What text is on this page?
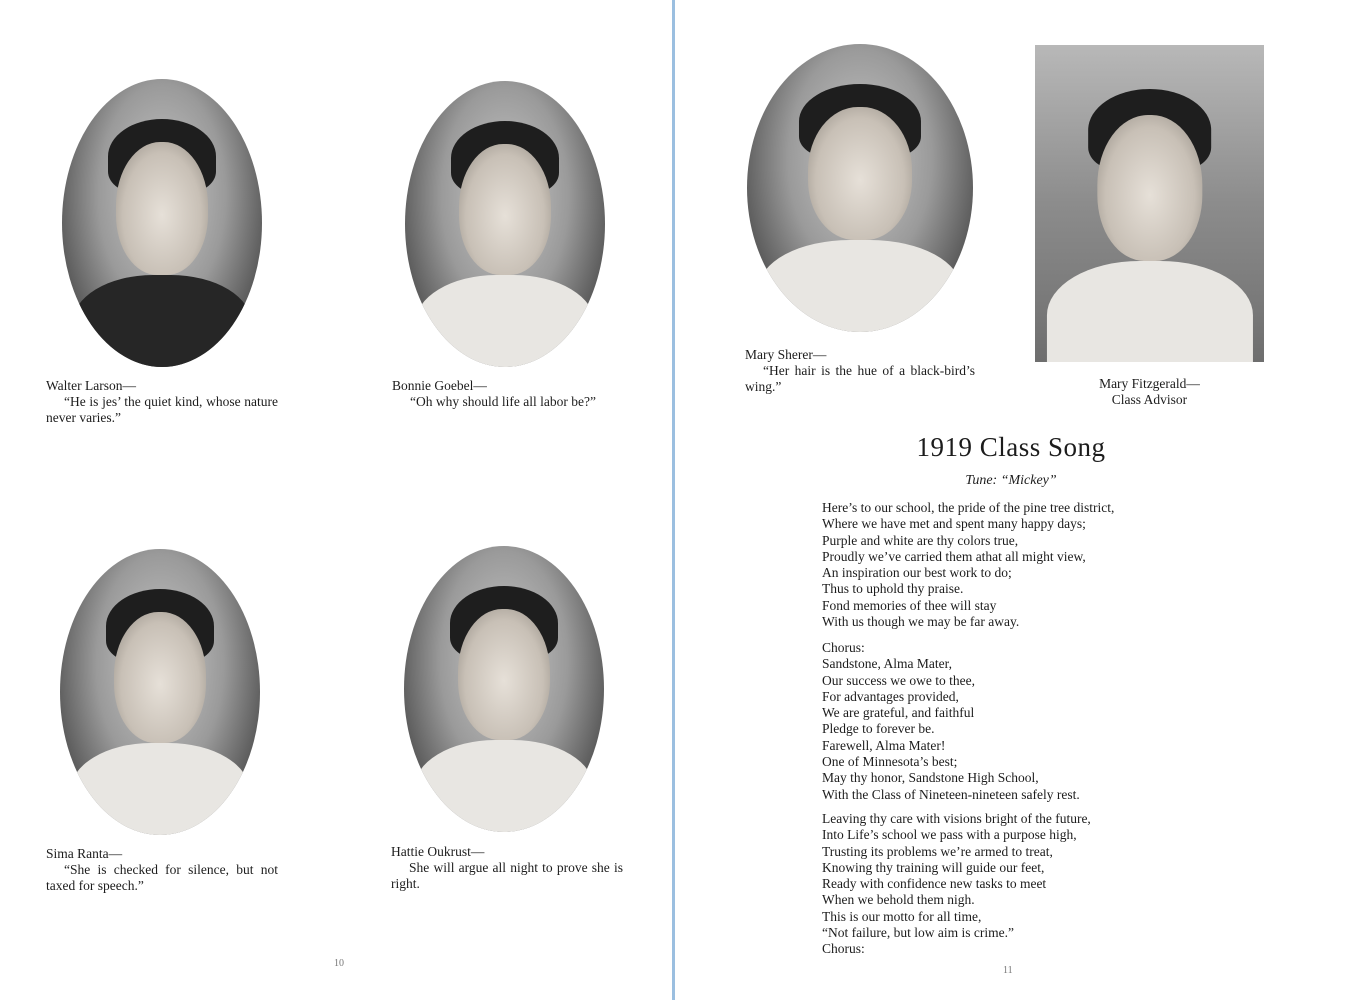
Walter Larson—
“He is jes’ the quiet kind, whose nature never varies.”
Bonnie Goebel—
“Oh why should life all labor be?”
Sima Ranta—
“She is checked for silence, but not taxed for speech.”
Hattie Oukrust—
She will argue all night to prove she is right.
10
Mary Sherer—
“Her hair is the hue of a black-bird’s wing.”	Mary Fitzgerald—
Class Advisor
1919 Class Song
Tune: “Mickey”
Here’s to our school, the pride of the pine tree district,
Where we have met and spent many happy days;
Purple and white are thy colors true,
Proudly we’ve carried them athat all might view,
An inspiration our best work to do;
Thus to uphold thy praise.
Fond memories of thee will stay
With us though we may be far away.
Chorus:
Sandstone, Alma Mater,
Our success we owe to thee,
For advantages provided,
We are grateful, and faithful
Pledge to forever be.
Farewell, Alma Mater!
One of Minnesota’s best;
May thy honor, Sandstone High School,
With the Class of Nineteen-nineteen safely rest.
Leaving thy care with visions bright of the future,
Into Life’s school we pass with a purpose high,
Trusting its problems we’re armed to treat,
Knowing thy training will guide our feet,
Ready with confidence new tasks to meet
When we behold them nigh.
This is our motto for all time,
“Not failure, but low aim is crime.”
Chorus:
11
